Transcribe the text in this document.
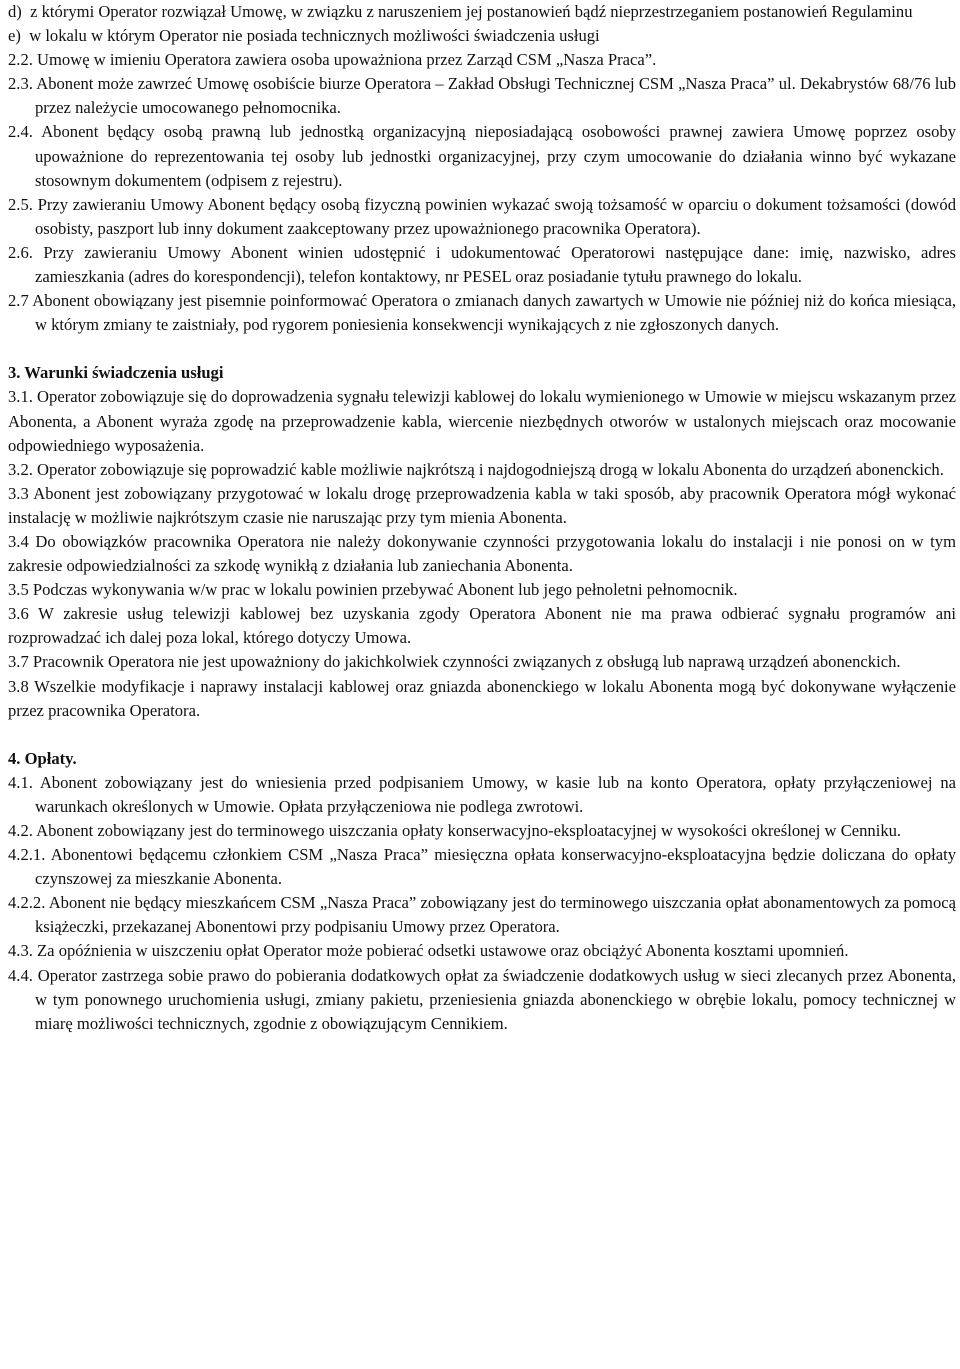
d)  z którymi Operator rozwiązał Umowę, w związku z naruszeniem jej postanowień bądź nieprzestrzeganiem postanowień Regulaminu
e)  w lokalu w którym Operator nie posiada technicznych możliwości świadczenia usługi
2.2. Umowę w imieniu Operatora zawiera osoba upoważniona przez Zarząd CSM „Nasza Praca”.
2.3. Abonent może zawrzeć Umowę osobiście biurze Operatora – Zakład Obsługi Technicznej CSM „Nasza Praca” ul. Dekabrystów 68/76 lub przez należycie umocowanego pełnomocnika.
2.4. Abonent będący osobą prawną lub jednostką organizacyjną nieposiadającą osobowości prawnej zawiera Umowę poprzez osoby upoważnione do reprezentowania tej osoby lub jednostki organizacyjnej, przy czym umocowanie do działania winno być wykazane stosownym dokumentem (odpisem z rejestru).
2.5. Przy zawieraniu Umowy Abonent będący osobą fizyczną powinien wykazać swoją tożsamość w oparciu o dokument tożsamości (dowód osobisty, paszport lub inny dokument zaakceptowany przez upoważnionego pracownika Operatora).
2.6. Przy zawieraniu Umowy Abonent winien udostępnić i udokumentować Operatorowi następujące dane: imię, nazwisko, adres zamieszkania (adres do korespondencji), telefon kontaktowy, nr PESEL oraz posiadanie tytułu prawnego do lokalu.
2.7 Abonent obowiązany jest pisemnie poinformować Operatora o zmianach danych zawartych w Umowie nie później niż do końca miesiąca, w którym zmiany te zaistniały, pod rygorem poniesienia konsekwencji wynikających z nie zgłoszonych danych.
3. Warunki świadczenia usługi
3.1. Operator zobowiązuje się do doprowadzenia sygnału telewizji kablowej do lokalu wymienionego w Umowie w miejscu wskazanym przez Abonenta, a Abonent wyraża zgodę na przeprowadzenie kabla, wiercenie niezbędnych otworów w ustalonych miejscach oraz mocowanie odpowiedniego wyposażenia.
3.2. Operator zobowiązuje się poprowadzić kable możliwie najkrótszą i najdogodniejszą drogą w lokalu Abonenta do urządzeń abonenckich.
3.3 Abonent jest zobowiązany przygotować w lokalu drogę przeprowadzenia kabla w taki sposób, aby pracownik Operatora mógł wykonać instalację w możliwie najkrótszym czasie nie naruszając przy tym mienia Abonenta.
3.4 Do obowiązków pracownika Operatora nie należy dokonywanie czynności przygotowania lokalu do instalacji i nie ponosi on w tym zakresie odpowiedzialności za szkodę wynikłą z działania lub zaniechania Abonenta.
3.5 Podczas wykonywania w/w prac w lokalu powinien przebywać Abonent lub jego pełnoletni pełnomocnik.
3.6 W zakresie usług telewizji kablowej bez uzyskania zgody Operatora Abonent nie ma prawa odbierać sygnału programów ani rozprowadzać ich dalej poza lokal, którego dotyczy Umowa.
3.7 Pracownik Operatora nie jest upoważniony do jakichkolwiek czynności związanych z obsługą lub naprawą urządzeń abonenckich.
3.8 Wszelkie modyfikacje i naprawy instalacji kablowej oraz gniazda abonenckiego w lokalu Abonenta mogą być dokonywane wyłączenie przez pracownika Operatora.
4. Opłaty.
4.1. Abonent zobowiązany jest do wniesienia przed podpisaniem Umowy, w kasie lub na konto Operatora, opłaty przyłączeniowej na warunkach określonych w Umowie. Opłata przyłączeniowa nie podlega zwrotowi.
4.2. Abonent zobowiązany jest do terminowego uiszczania opłaty konserwacyjno-eksploatacyjnej w wysokości określonej w Cenniku.
4.2.1. Abonentowi będącemu członkiem CSM „Nasza Praca” miesięczna opłata konserwacyjno-eksploatacyjna będzie doliczana do opłaty czynszowej za mieszkanie Abonenta.
4.2.2. Abonent nie będący mieszkańcem CSM „Nasza Praca” zobowiązany jest do terminowego uiszczania opłat abonamentowych za pomocą książeczki, przekazanej Abonentowi przy podpisaniu Umowy przez Operatora.
4.3. Za opóźnienia w uiszczeniu opłat Operator może pobierać odsetki ustawowe oraz obciążyć Abonenta kosztami upomnień.
4.4. Operator zastrzega sobie prawo do pobierania dodatkowych opłat za świadczenie dodatkowych usług w sieci zlecanych przez Abonenta, w tym ponownego uruchomienia usługi, zmiany pakietu, przeniesienia gniazda abonenckiego w obrębie lokalu, pomocy technicznej w miarę możliwości technicznych, zgodnie z obowiązującym Cennikiem.
